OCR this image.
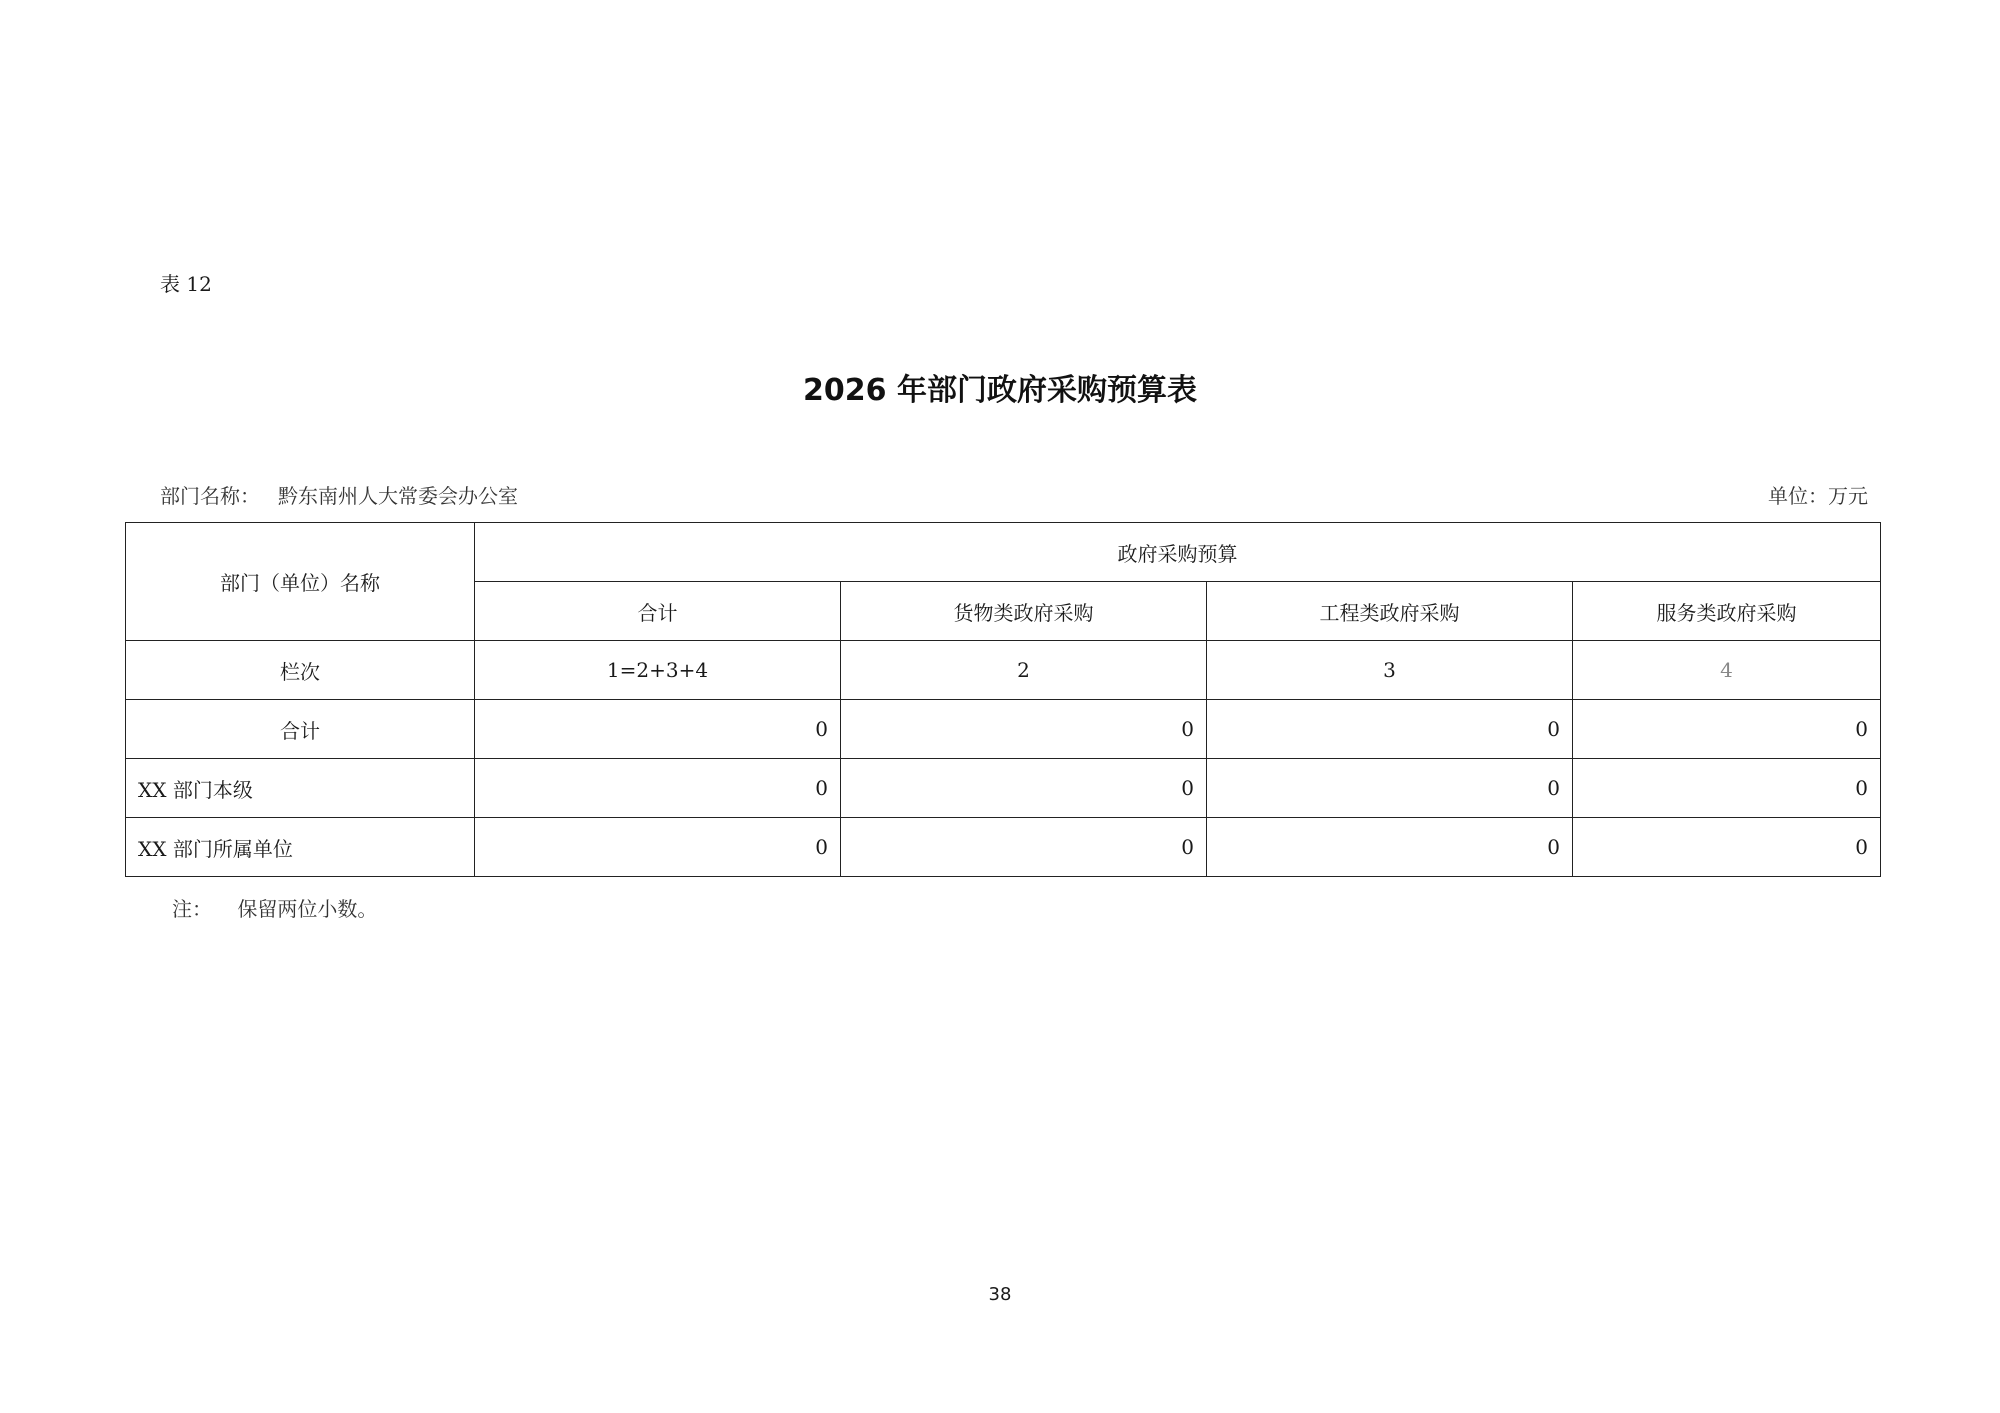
表 12
2026 年部门政府采购预算表
部门名称： 黔东南州人大常委会办公室	单位：万元
部门（单位）名称	政府采购预算			
	合计	货物类政府采购	工程类政府采购	服务类政府采购
栏次	1=2+3+4	2	3	4
合计	0	0	0	0
XX 部门本级	0	0	0	0
XX 部门所属单位	0	0	0	0
注：    保留两位小数。
38
